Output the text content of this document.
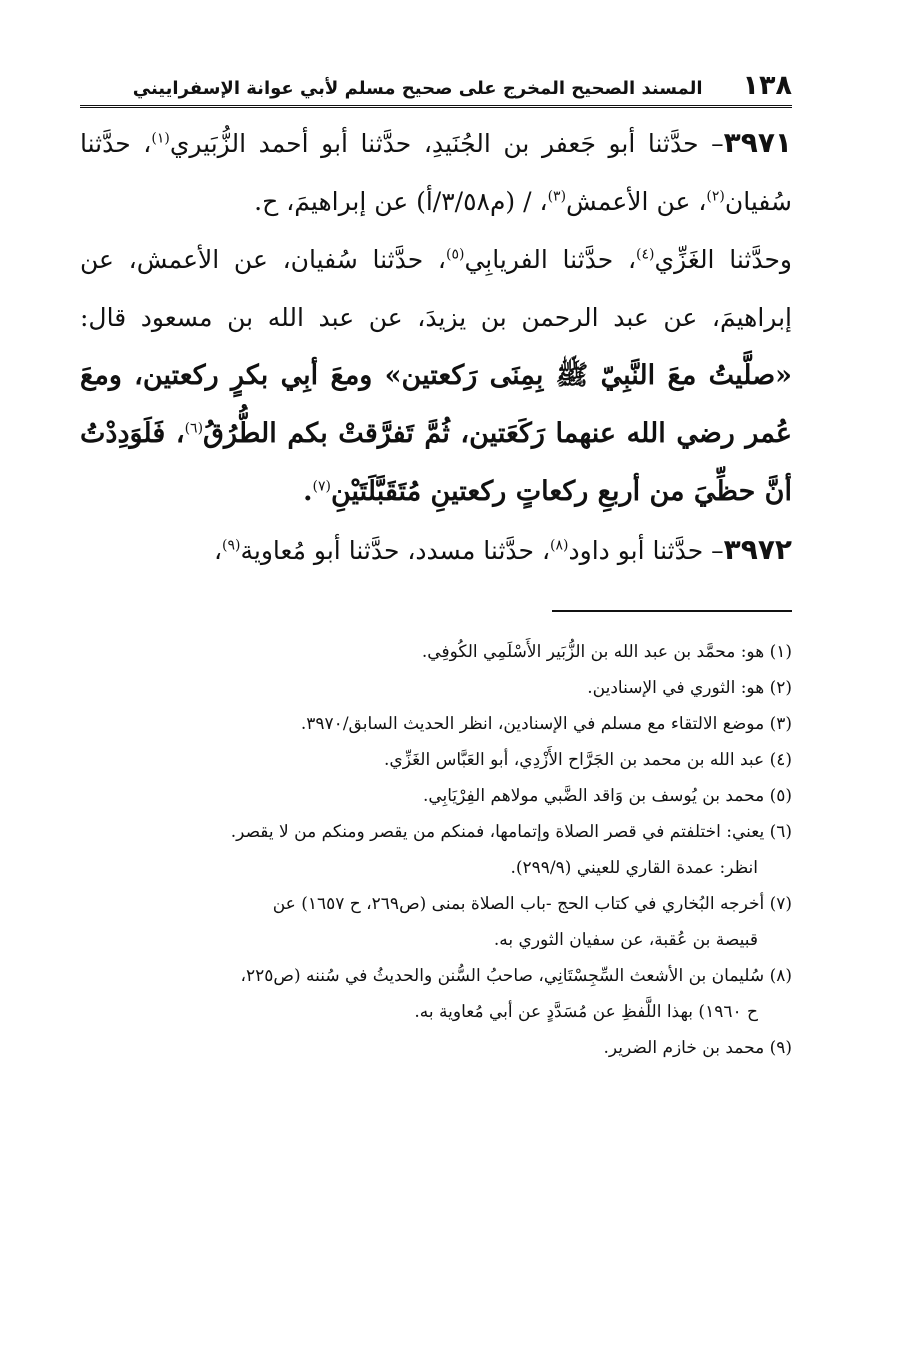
١٣٨
المسند الصحيح المخرج على صحيح مسلم لأبي عوانة الإسفراييني

٣٩٧١– حدَّثنا أبو جَعفر بن الجُنَيدِ، حدَّثنا أبو أحمد الزُّبَيري$^{(١)}$، حدَّثنا سُفيان$^{(٢)}$، عن الأعمش$^{(٣)}$، / (م٣/٥٨/أ) عن إبراهيمَ، ح.

وحدَّثنا الغَزِّي$^{(٤)}$، حدَّثنا الفريابِي$^{(٥)}$، حدَّثنا سُفيان، عن الأعمش، عن إبراهيمَ، عن عبد الرحمن بن يزيدَ، عن عبد الله بن مسعود قال: «صلَّيتُ معَ النَّبِيّ ﷺ بِمِنَى رَكعتين» ومعَ أبِي بكرٍ ركعتين، ومعَ عُمر رضي الله عنهما رَكَعَتين، ثُمَّ تَفرَّقتْ بكم الطُّرُقُ$^{(٦)}$، فَلَوَدِدْتُ أنَّ حظِّيَ من أربعِ ركعاتٍ ركعتينِ مُتَقَبَّلَتَيْنِ$^{(٧)}$.

٣٩٧٢– حدَّثنا أبو داود$^{(٨)}$، حدَّثنا مسدد، حدَّثنا أبو مُعاوية$^{(٩)}$،

(١) هو: محمَّد بن عبد الله بن الزُّبَير الأَسْلَمِي الكُوفِي.

(٢) هو: الثوري في الإسنادين.

(٣) موضع الالتقاء مع مسلم في الإسنادين، انظر الحديث السابق/٣٩٧٠.

(٤) عبد الله بن محمد بن الجَرَّاح الأَزْدِي، أبو العَبَّاس الغَزِّي.

(٥) محمد بن يُوسف بن وَاقد الضَّبي مولاهم الفِرْيَابِي.

(٦) يعني: اختلفتم في قصر الصلاة وإتمامها، فمنكم من يقصر ومنكم من لا يقصر.

انظر: عمدة القاري للعيني (٢٩٩/٩).

(٧) أخرجه البُخاري في كتاب الحج -باب الصلاة بمنى (ص٢٦٩، ح ١٦٥٧) عن

قبيصة بن عُقبة، عن سفيان الثوري به.

(٨) سُليمان بن الأشعث السِّجِسْتَانِي، صاحبُ السُّنن والحديثُ في سُننه (ص٢٢٥،

ح ١٩٦٠) بهذا اللَّفظِ عن مُسَدَّدٍ عن أبي مُعاوية به.

(٩) محمد بن خازم الضرير.
